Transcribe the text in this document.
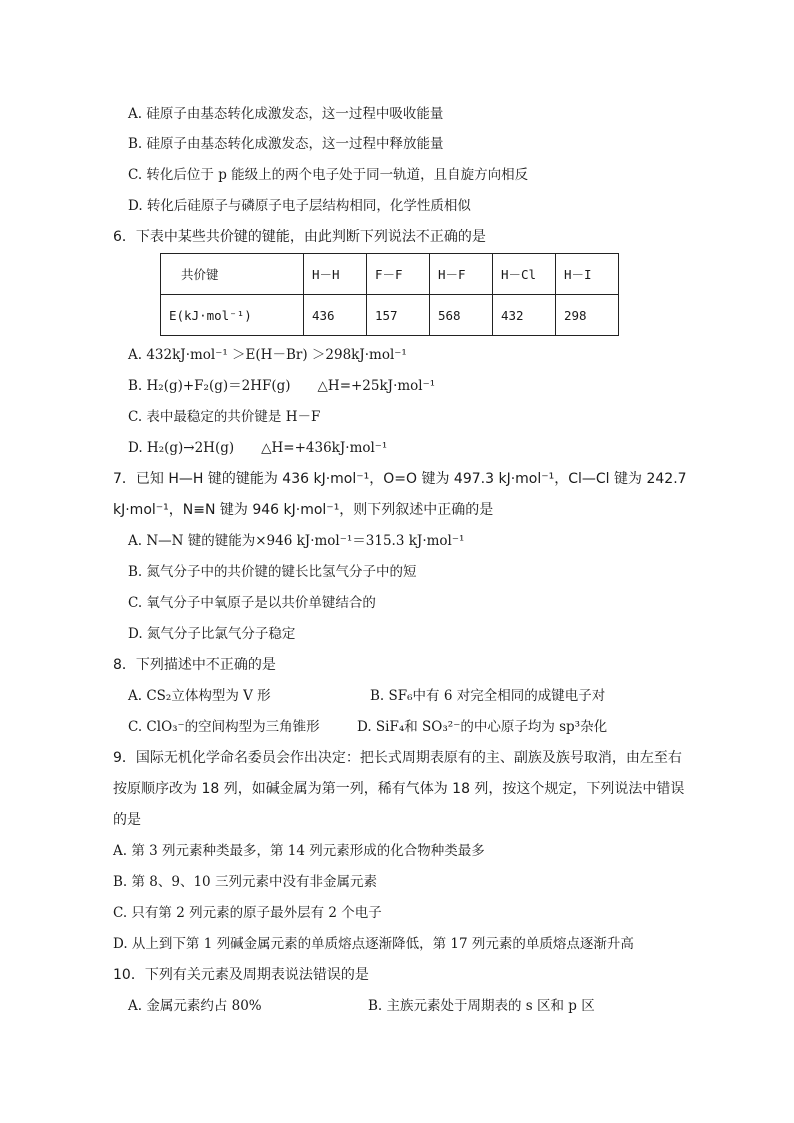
A. 硅原子由基态转化成激发态，这一过程中吸收能量
B. 硅原子由基态转化成激发态，这一过程中释放能量
C. 转化后位于 p 能级上的两个电子处于同一轨道，且自旋方向相反
D. 转化后硅原子与磷原子电子层结构相同，化学性质相似
6．下表中某些共价键的键能，由此判断下列说法不正确的是
共价键	H－H	F－F	H－F	H－Cl	H－I
E(kJ·mol⁻¹)	436	157	568	432	298
A. 432kJ·mol⁻¹ ＞E(H－Br) ＞298kJ·mol⁻¹
B. H₂(g)+F₂(g)＝2HF(g)　　△H=+25kJ·mol⁻¹
C. 表中最稳定的共价键是 H－F
D. H₂(g)→2H(g)　　△H=+436kJ·mol⁻¹
7．已知 H—H 键的键能为 436 kJ·mol⁻¹，O=O 键为 497.3 kJ·mol⁻¹，Cl—Cl 键为 242.7
kJ·mol⁻¹，N≡N 键为 946 kJ·mol⁻¹，则下列叙述中正确的是
A. N—N 键的键能为×946 kJ·mol⁻¹＝315.3 kJ·mol⁻¹
B. 氮气分子中的共价键的键长比氢气分子中的短
C. 氧气分子中氧原子是以共价单键结合的
D. 氮气分子比氯气分子稳定
8．下列描述中不正确的是
A. CS₂立体构型为 V 形	B. SF₆中有 6 对完全相同的成键电子对
C. ClO₃⁻的空间构型为三角锥形	D. SiF₄和 SO₃²⁻的中心原子均为 sp³杂化
9．国际无机化学命名委员会作出决定：把长式周期表原有的主、副族及族号取消，由左至右
按原顺序改为 18 列，如碱金属为第一列，稀有气体为 18 列，按这个规定，下列说法中错误
的是
A. 第 3 列元素种类最多，第 14 列元素形成的化合物种类最多
B. 第 8、9、10 三列元素中没有非金属元素
C. 只有第 2 列元素的原子最外层有 2 个电子
D. 从上到下第 1 列碱金属元素的单质熔点逐渐降低，第 17 列元素的单质熔点逐渐升高
10．下列有关元素及周期表说法错误的是
A. 金属元素约占 80%	B. 主族元素处于周期表的 s 区和 p 区
